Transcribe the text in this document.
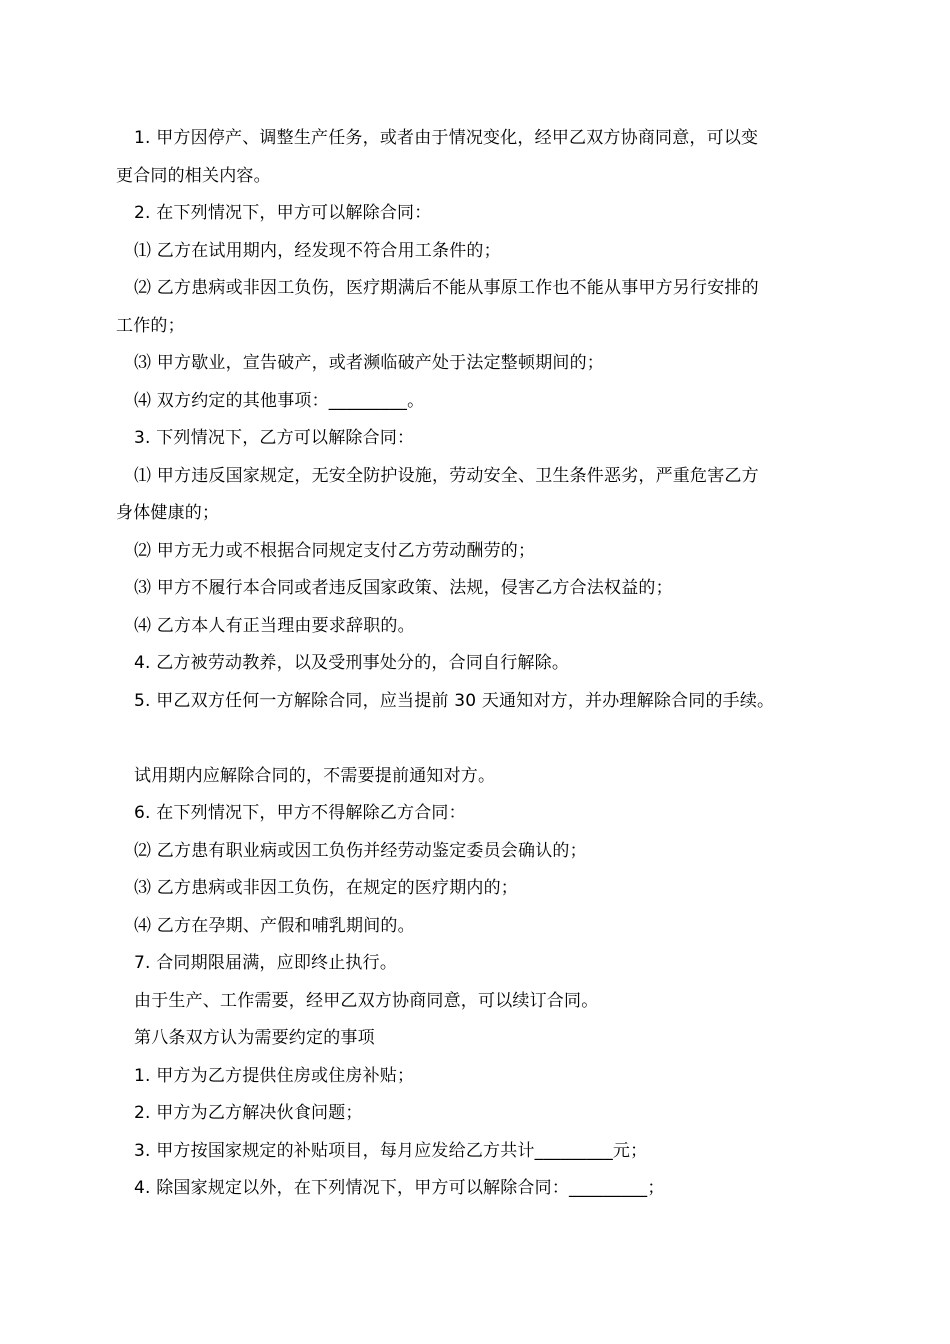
1. 甲方因停产、调整生产任务，或者由于情况变化，经甲乙双方协商同意，可以变
更合同的相关内容。
2. 在下列情况下，甲方可以解除合同：
⑴ 乙方在试用期内，经发现不符合用工条件的；
⑵ 乙方患病或非因工负伤，医疗期满后不能从事原工作也不能从事甲方另行安排的
工作的；
⑶ 甲方歇业，宣告破产，或者濒临破产处于法定整顿期间的；
⑷ 双方约定的其他事项：_________。
3. 下列情况下，乙方可以解除合同：
⑴ 甲方违反国家规定，无安全防护设施，劳动安全、卫生条件恶劣，严重危害乙方
身体健康的；
⑵ 甲方无力或不根据合同规定支付乙方劳动酬劳的；
⑶ 甲方不履行本合同或者违反国家政策、法规，侵害乙方合法权益的；
⑷ 乙方本人有正当理由要求辞职的。
4. 乙方被劳动教养，以及受刑事处分的，合同自行解除。
5. 甲乙双方任何一方解除合同，应当提前 30 天通知对方，并办理解除合同的手续。
试用期内应解除合同的，不需要提前通知对方。
6. 在下列情况下，甲方不得解除乙方合同：
⑵ 乙方患有职业病或因工负伤并经劳动鉴定委员会确认的；
⑶ 乙方患病或非因工负伤，在规定的医疗期内的；
⑷ 乙方在孕期、产假和哺乳期间的。
7. 合同期限届满，应即终止执行。
由于生产、工作需要，经甲乙双方协商同意，可以续订合同。
第八条双方认为需要约定的事项
1. 甲方为乙方提供住房或住房补贴；
2. 甲方为乙方解决伙食问题；
3. 甲方按国家规定的补贴项目，每月应发给乙方共计_________元；
4. 除国家规定以外，在下列情况下，甲方可以解除合同：_________；
